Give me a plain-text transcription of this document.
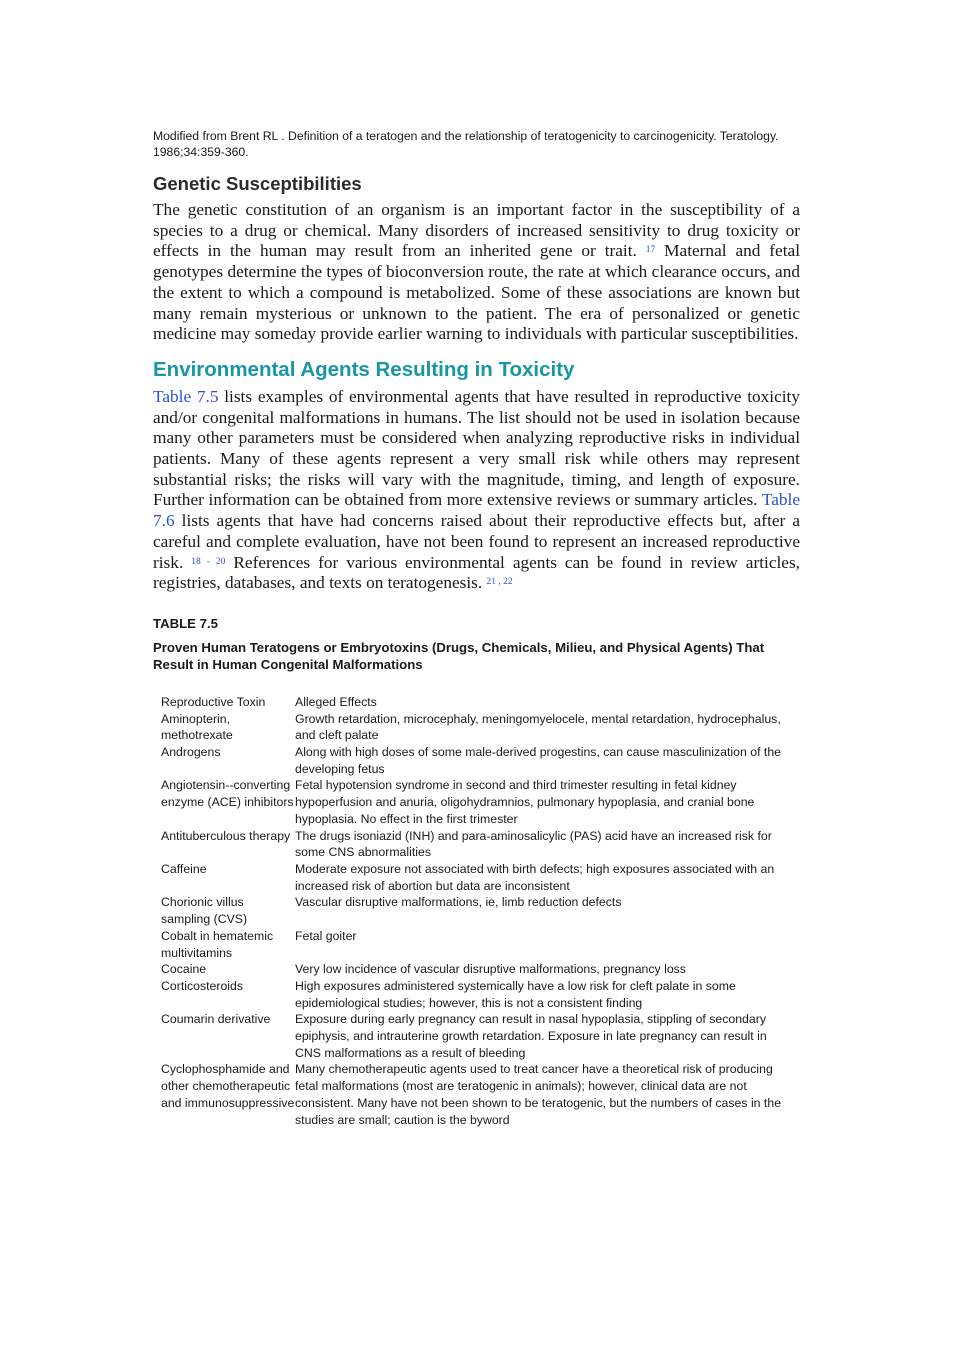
Modified from Brent RL . Definition of a teratogen and the relationship of teratogenicity to carcinogenicity. Teratology. 1986;34:359-360.

Genetic Susceptibilities

The genetic constitution of an organism is an important factor in the susceptibility of a species to a drug or chemical. Many disorders of increased sensitivity to drug toxicity or effects in the human may result from an inherited gene or trait. $^{17}$ Maternal and fetal genotypes determine the types of bioconversion route, the rate at which clearance occurs, and the extent to which a compound is metabolized. Some of these associations are known but many remain mysterious or unknown to the patient. The era of personalized or genetic medicine may someday provide earlier warning to individuals with particular susceptibilities.

Environmental Agents Resulting in Toxicity

Table 7.5 lists examples of environmental agents that have resulted in reproductive toxicity and/or congenital malformations in humans. The list should not be used in isolation because many other parameters must be considered when analyzing reproductive risks in individual patients. Many of these agents represent a very small risk while others may represent substantial risks; the risks will vary with the magnitude, timing, and length of exposure. Further information can be obtained from more extensive reviews or summary articles. Table 7.6 lists agents that have had concerns raised about their reproductive effects but, after a careful and complete evaluation, have not been found to represent an increased reproductive risk. $^{18 - 20}$ References for various environmental agents can be found in review articles, registries, databases, and texts on teratogenesis. $^{21 , 22}$

TABLE 7.5
Proven Human Teratogens or Embryotoxins (Drugs, Chemicals, Milieu, and Physical Agents) That Result in Human Congenital Malformations
Reproductive Toxin	Alleged Effects
Aminopterin, methotrexate	Growth retardation, microcephaly, meningomyelocele, mental retardation, hydrocephalus, and cleft palate
Androgens	Along with high doses of some male-derived progestins, can cause masculinization of the developing fetus
Angiotensin--converting enzyme (ACE) inhibitors	Fetal hypotension syndrome in second and third trimester resulting in fetal kidney hypoperfusion and anuria, oligohydramnios, pulmonary hypoplasia, and cranial bone hypoplasia. No effect in the first trimester
Antituberculous therapy	The drugs isoniazid (INH) and para-aminosalicylic (PAS) acid have an increased risk for some CNS abnormalities
Caffeine	Moderate exposure not associated with birth defects; high exposures associated with an increased risk of abortion but data are inconsistent
Chorionic villus sampling (CVS)	Vascular disruptive malformations, ie, limb reduction defects
Cobalt in hematemic multivitamins	Fetal goiter
Cocaine	Very low incidence of vascular disruptive malformations, pregnancy loss
Corticosteroids	High exposures administered systemically have a low risk for cleft palate in some epidemiological studies; however, this is not a consistent finding
Coumarin derivative	Exposure during early pregnancy can result in nasal hypoplasia, stippling of secondary epiphysis, and intrauterine growth retardation. Exposure in late pregnancy can result in CNS malformations as a result of bleeding
Cyclophosphamide and other chemotherapeutic and immunosuppressive	Many chemotherapeutic agents used to treat cancer have a theoretical risk of producing fetal malformations (most are teratogenic in animals); however, clinical data are not consistent. Many have not been shown to be teratogenic, but the numbers of cases in the studies are small; caution is the byword
